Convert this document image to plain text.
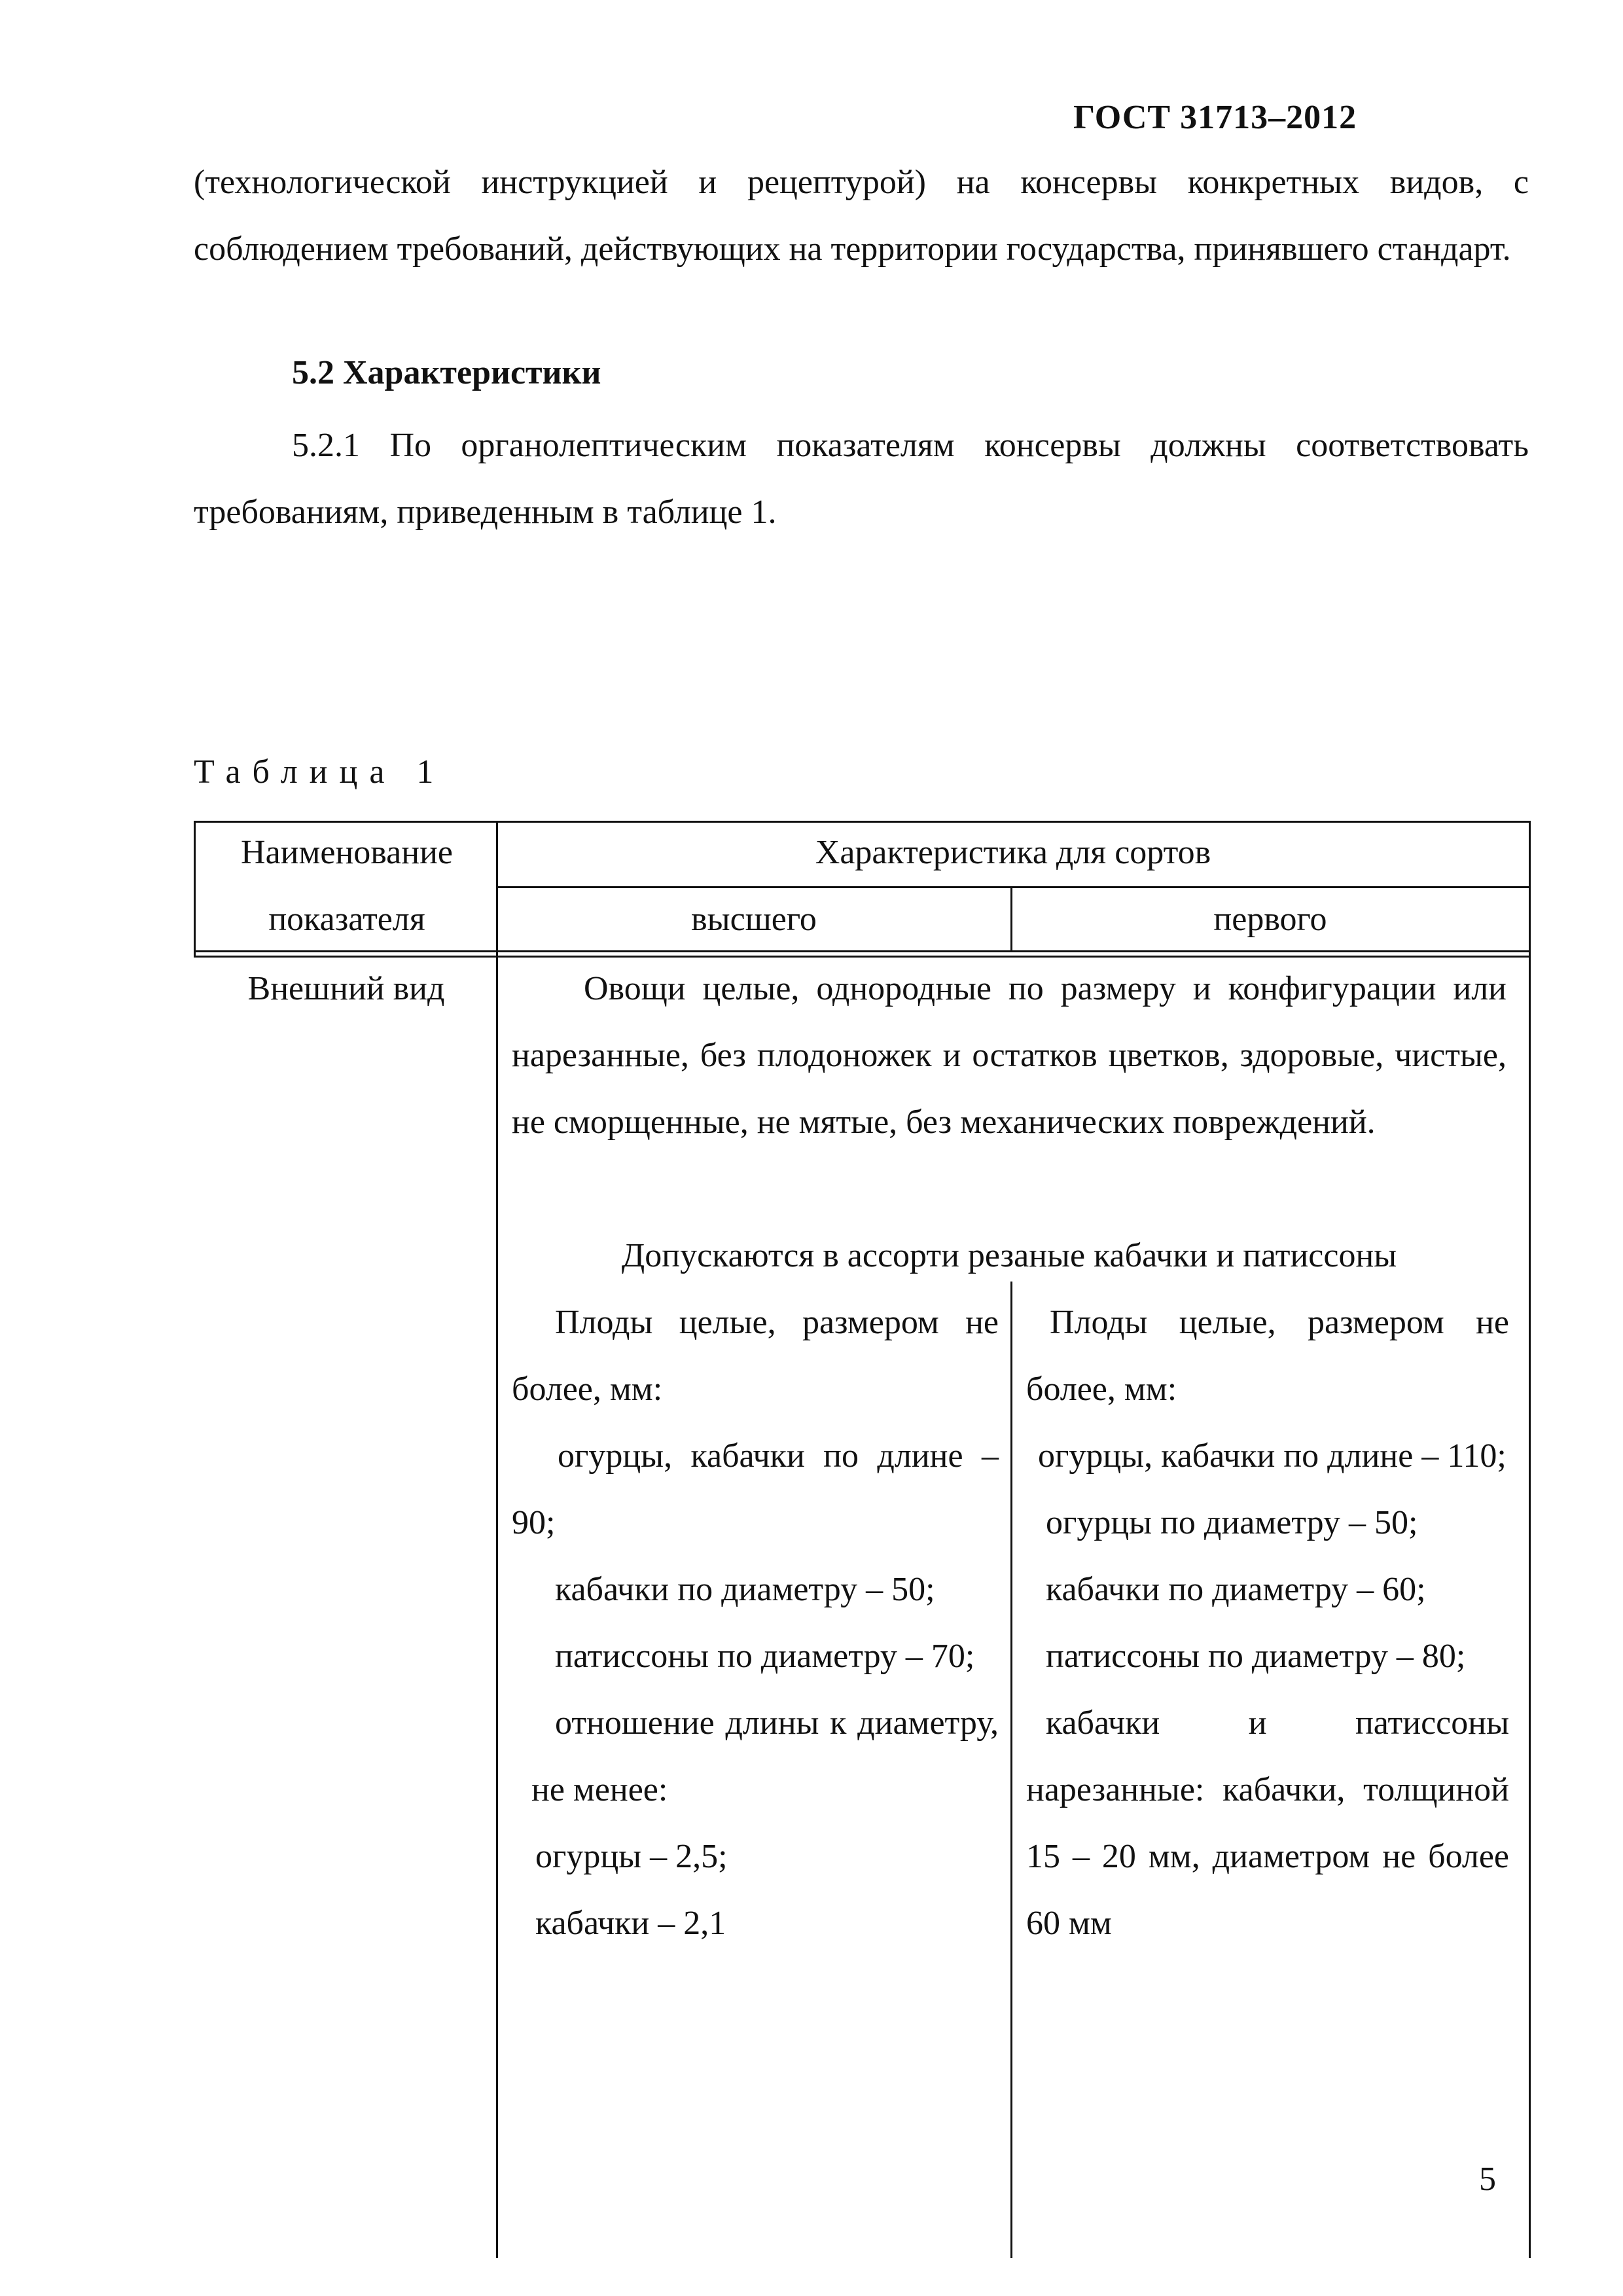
ГОСТ 31713–2012

(технологической инструкцией и рецептурой) на консервы конкретных видов, с соблюдением требований, действующих на территории государства, принявшего стандарт.

5.2 Характеристики

5.2.1 По органолептическим показателям консервы должны соответствовать требованиям, приведенным в таблице 1.

Таблица 1

Наименование показателя

Характеристика для сортов

высшего	первого

Внешний вид	Овощи целые, однородные по размеру и конфигурации или нарезанные, без плодоножек и остатков цветков, здоровые, чистые, не сморщенные, не мятые, без механических повреждений.

Допускаются в ассорти резаные кабачки и патиссоны

Плоды целые, размером не более, мм:
огурцы, кабачки по длине – 90;
кабачки по диаметру – 50;
патиссоны по диаметру – 70;
отношение длины к диаметру, не менее:
огурцы – 2,5;
кабачки – 2,1
Плоды целые, размером не более, мм:
огурцы, кабачки по длине – 110;
огурцы по диаметру – 50;
кабачки по диаметру – 60;
патиссоны по диаметру – 80;
кабачки и патиссоны нарезанные: кабачки, толщиной 15 – 20 мм, диаметром не более 60 мм
5
